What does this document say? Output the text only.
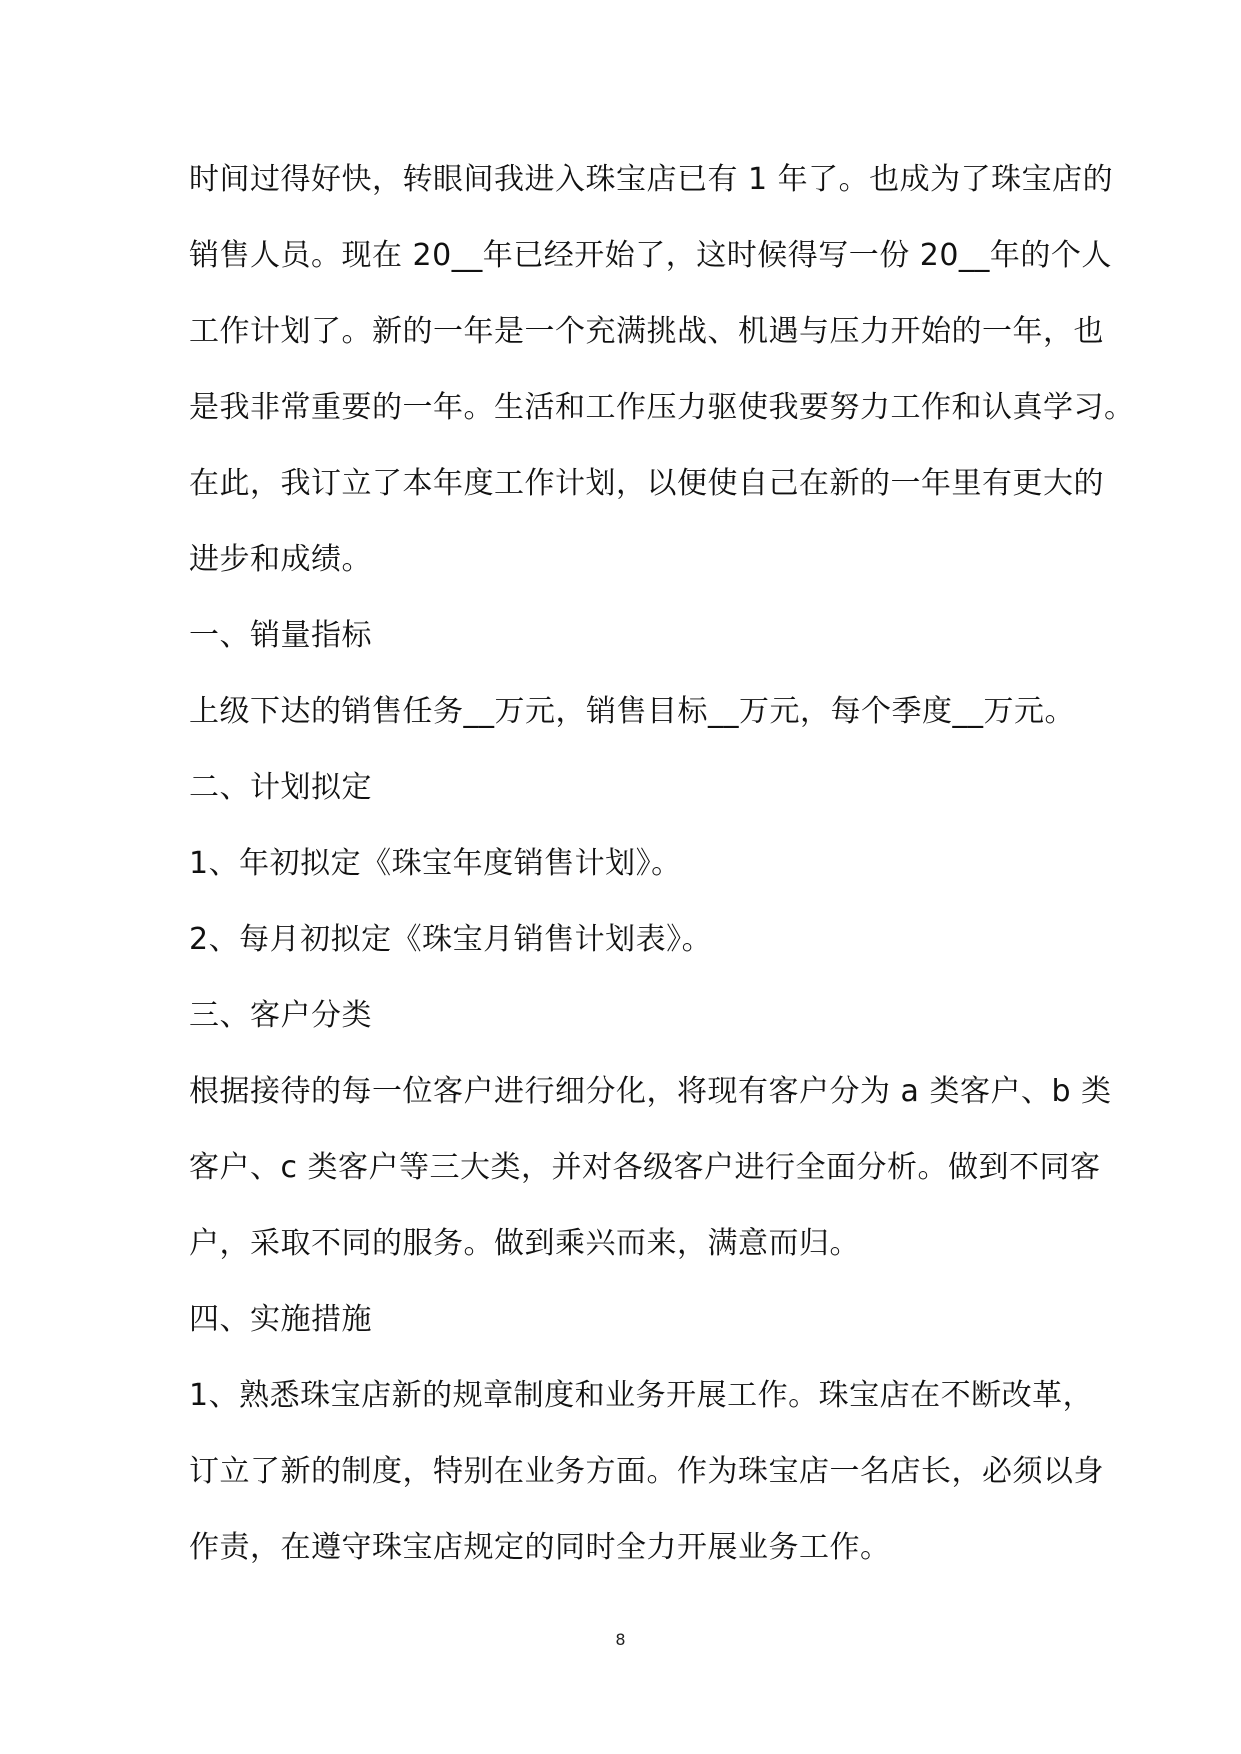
时间过得好快，转眼间我进入珠宝店已有 1 年了。也成为了珠宝店的
销售人员。现在 20__年已经开始了，这时候得写一份 20__年的个人
工作计划了。新的一年是一个充满挑战、机遇与压力开始的一年，也
是我非常重要的一年。生活和工作压力驱使我要努力工作和认真学习。
在此，我订立了本年度工作计划，以便使自己在新的一年里有更大的
进步和成绩。
一、销量指标
上级下达的销售任务__万元，销售目标__万元，每个季度__万元。
二、计划拟定
1、年初拟定《珠宝年度销售计划》。
2、每月初拟定《珠宝月销售计划表》。
三、客户分类
根据接待的每一位客户进行细分化，将现有客户分为 a 类客户、b 类
客户、c 类客户等三大类，并对各级客户进行全面分析。做到不同客
户，采取不同的服务。做到乘兴而来，满意而归。
四、实施措施
1、熟悉珠宝店新的规章制度和业务开展工作。珠宝店在不断改革，
订立了新的制度，特别在业务方面。作为珠宝店一名店长，必须以身
作责，在遵守珠宝店规定的同时全力开展业务工作。
8
